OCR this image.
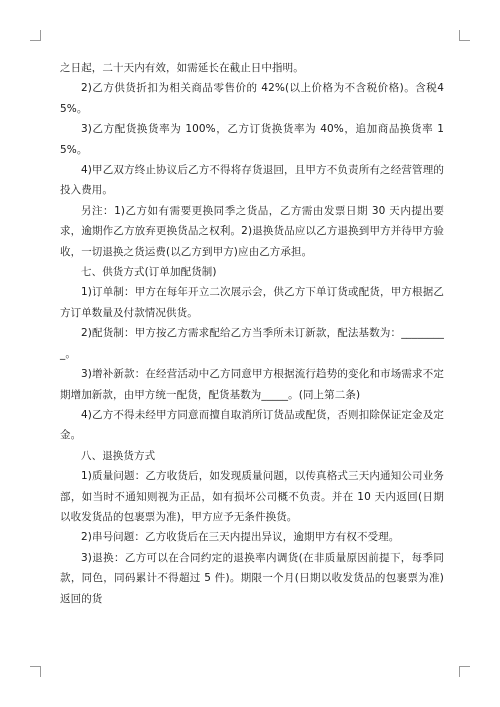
之日起，二十天内有效，如需延长在截止日中指明。

2)乙方供货折扣为相关商品零售价的 42%(以上价格为不含税价格)。含税45%。

3)乙方配货换货率为 100%，乙方订货换货率为 40%，追加商品换货率 15%。

4)甲乙双方终止协议后乙方不得将存货退回，且甲方不负责所有之经营管理的投入费用。

另注：1)乙方如有需要更换同季之货品，乙方需由发票日期 30 天内提出要求，逾期作乙方放弃更换货品之权利。2)退换货品应以乙方退换到甲方并待甲方验收，一切退换之货运费(以乙方到甲方)应由乙方承担。

七、供货方式(订单加配货制)

1)订单制：甲方在每年开立二次展示会，供乙方下单订货或配货，甲方根据乙方订单数量及付款情况供货。

2)配货制：甲方按乙方需求配给乙方当季所未订新款，配法基数为：_________。

3)增补新款：在经营活动中乙方同意甲方根据流行趋势的变化和市场需求不定期增加新款，由甲方统一配货，配货基数为_____。(同上第二条)

4)乙方不得未经甲方同意而擅自取消所订货品或配货，否则扣除保证定金及定金。

八、退换货方式

1)质量问题：乙方收货后，如发现质量问题，以传真格式三天内通知公司业务部，如当时不通知则视为正品，如有损坏公司概不负责。并在 10 天内返回(日期以收发货品的包裹票为准)，甲方应予无条件换货。

2)串号问题：乙方收货后在三天内提出异议，逾期甲方有权不受理。

3)退换：乙方可以在合同约定的退换率内调货(在非质量原因前提下，每季同款，同色，同码累计不得超过 5 件)。期限一个月(日期以收发货品的包裹票为准)返回的货
